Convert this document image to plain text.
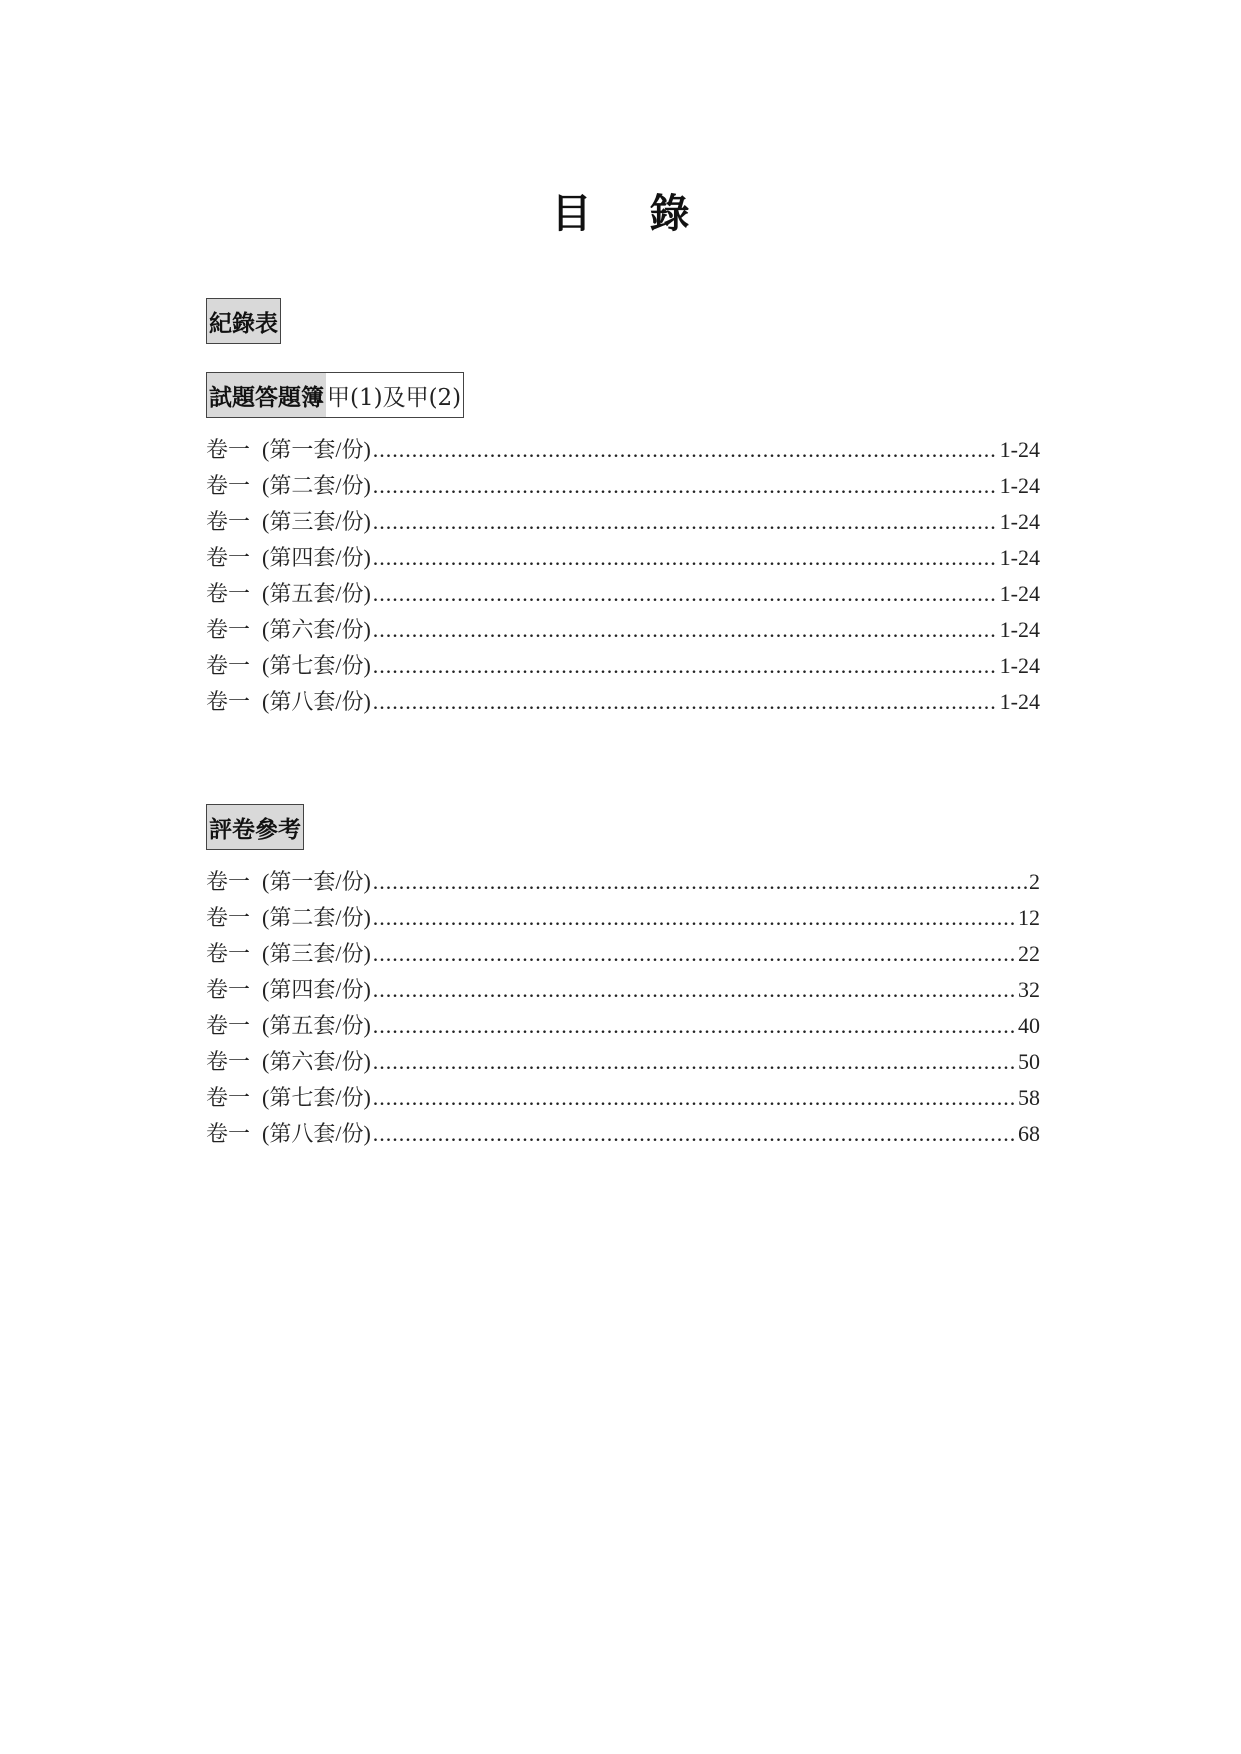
目 錄
紀錄表
試題答題簿 甲(1)及甲(2)
卷一 (第一套/份) .....	1-24
卷一 (第二套/份) .....	1-24
卷一 (第三套/份) .....	1-24
卷一 (第四套/份) .....	1-24
卷一 (第五套/份) .....	1-24
卷一 (第六套/份) .....	1-24
卷一 (第七套/份) .....	1-24
卷一 (第八套/份) .....	1-24
評卷參考
卷一 (第一套/份) .....	2
卷一 (第二套/份) .....	12
卷一 (第三套/份) .....	22
卷一 (第四套/份) .....	32
卷一 (第五套/份) .....	40
卷一 (第六套/份) .....	50
卷一 (第七套/份) .....	58
卷一 (第八套/份) .....	68
